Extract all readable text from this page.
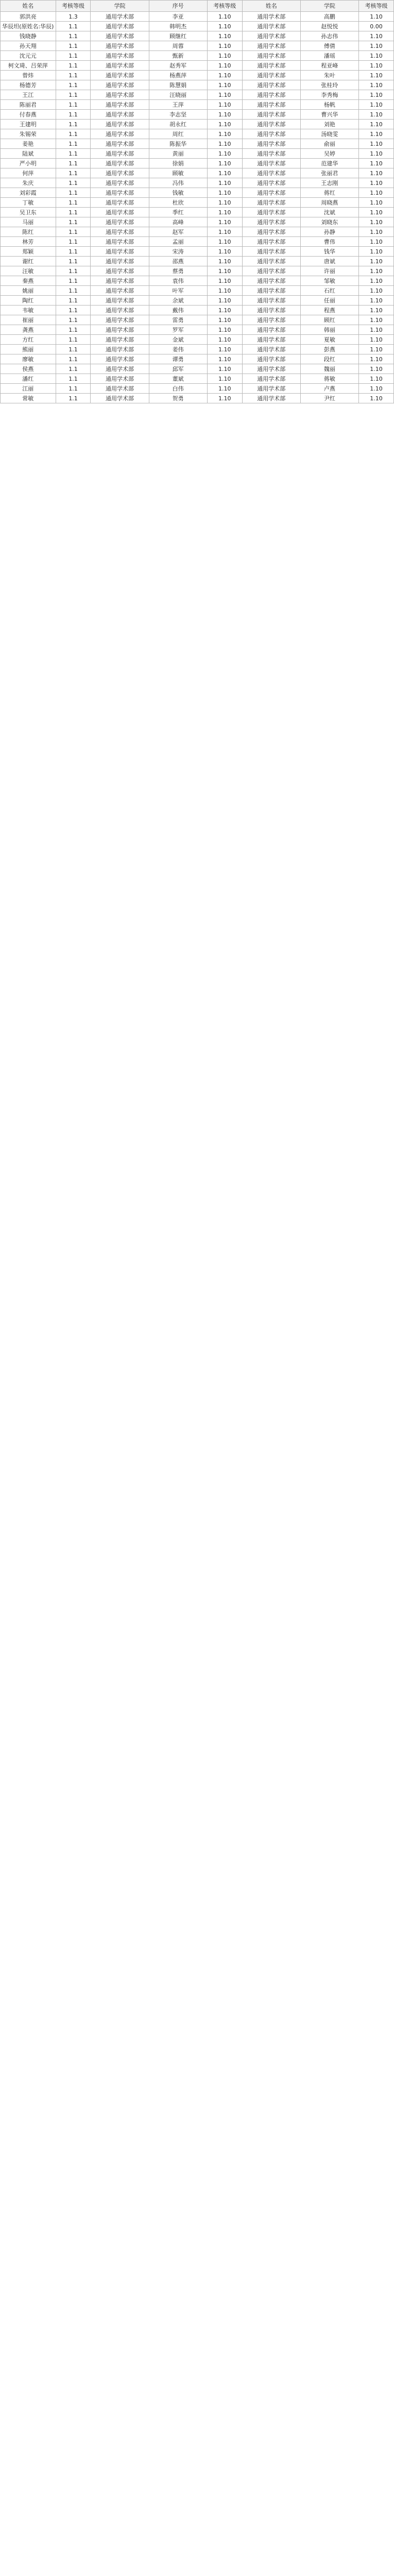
姓名	考核等级	学院	序号	考核等级	姓名	学院	考核等级
郭洪亮	1.3	通用学术部	李亚	1.10	通用学术部	高鹏	1.10
华辰坦(原姓名:华辰)	1.1	通用学术部	韩明杰	1.10	通用学术部	赵悦悦	0.00
钱晓静	1.1	通用学术部	顾继红	1.10	通用学术部	孙志伟	1.10
孙天翔	1.1	通用学术部	周蓉	1.10	通用学术部	傅倩	1.10
沈元元	1.1	通用学术部	甄新	1.10	通用学术部	潘瑶	1.10
柯文琦、吕荣萍	1.1	通用学术部	赵秀军	1.10	通用学术部	程亚峰	1.10
曾炜	1.1	通用学术部	杨燕萍	1.10	通用学术部	朱叶	1.10
杨德芳	1.1	通用学术部	陈慧娟	1.10	通用学术部	张桂玲	1.10
王江	1.1	通用学术部	汪晓丽	1.10	通用学术部	李秀梅	1.10
陈丽君	1.1	通用学术部	王萍	1.10	通用学术部	杨帆	1.10
付春燕	1.1	通用学术部	李志坚	1.10	通用学术部	曹兴华	1.10
王建明	1.1	通用学术部	胡永红	1.10	通用学术部	刘艳	1.10
朱锡荣	1.1	通用学术部	周红	1.10	通用学术部	汤晓雯	1.10
姜艳	1.1	通用学术部	陈振华	1.10	通用学术部	俞丽	1.10
陆斌	1.1	通用学术部	黄丽	1.10	通用学术部	吴婷	1.10
严小明	1.1	通用学术部	徐娟	1.10	通用学术部	范建华	1.10
何萍	1.1	通用学术部	顾敏	1.10	通用学术部	张丽君	1.10
朱庆	1.1	通用学术部	冯伟	1.10	通用学术部	王志刚	1.10
刘彩霞	1.1	通用学术部	钱敏	1.10	通用学术部	蒋红	1.10
丁敏	1.1	通用学术部	杜欣	1.10	通用学术部	周晓燕	1.10
吴卫东	1.1	通用学术部	季红	1.10	通用学术部	沈斌	1.10
马丽	1.1	通用学术部	高峰	1.10	通用学术部	刘晓东	1.10
陈红	1.1	通用学术部	赵军	1.10	通用学术部	孙静	1.10
林芳	1.1	通用学术部	孟丽	1.10	通用学术部	曹伟	1.10
郑颖	1.1	通用学术部	宋涛	1.10	通用学术部	钱华	1.10
谢红	1.1	通用学术部	邵燕	1.10	通用学术部	唐斌	1.10
汪敏	1.1	通用学术部	蔡勇	1.10	通用学术部	许丽	1.10
秦燕	1.1	通用学术部	袁伟	1.10	通用学术部	邹敏	1.10
姚丽	1.1	通用学术部	叶军	1.10	通用学术部	石红	1.10
陶红	1.1	通用学术部	余斌	1.10	通用学术部	任丽	1.10
韦敏	1.1	通用学术部	戴伟	1.10	通用学术部	程燕	1.10
崔丽	1.1	通用学术部	雷勇	1.10	通用学术部	顾红	1.10
龚燕	1.1	通用学术部	罗军	1.10	通用学术部	韩丽	1.10
方红	1.1	通用学术部	金斌	1.10	通用学术部	夏敏	1.10
熊丽	1.1	通用学术部	姜伟	1.10	通用学术部	彭燕	1.10
廖敏	1.1	通用学术部	谭勇	1.10	通用学术部	段红	1.10
侯燕	1.1	通用学术部	邱军	1.10	通用学术部	魏丽	1.10
潘红	1.1	通用学术部	董斌	1.10	通用学术部	蒋敏	1.10
江丽	1.1	通用学术部	白伟	1.10	通用学术部	卢燕	1.10
常敏	1.1	通用学术部	贺勇	1.10	通用学术部	尹红	1.10
